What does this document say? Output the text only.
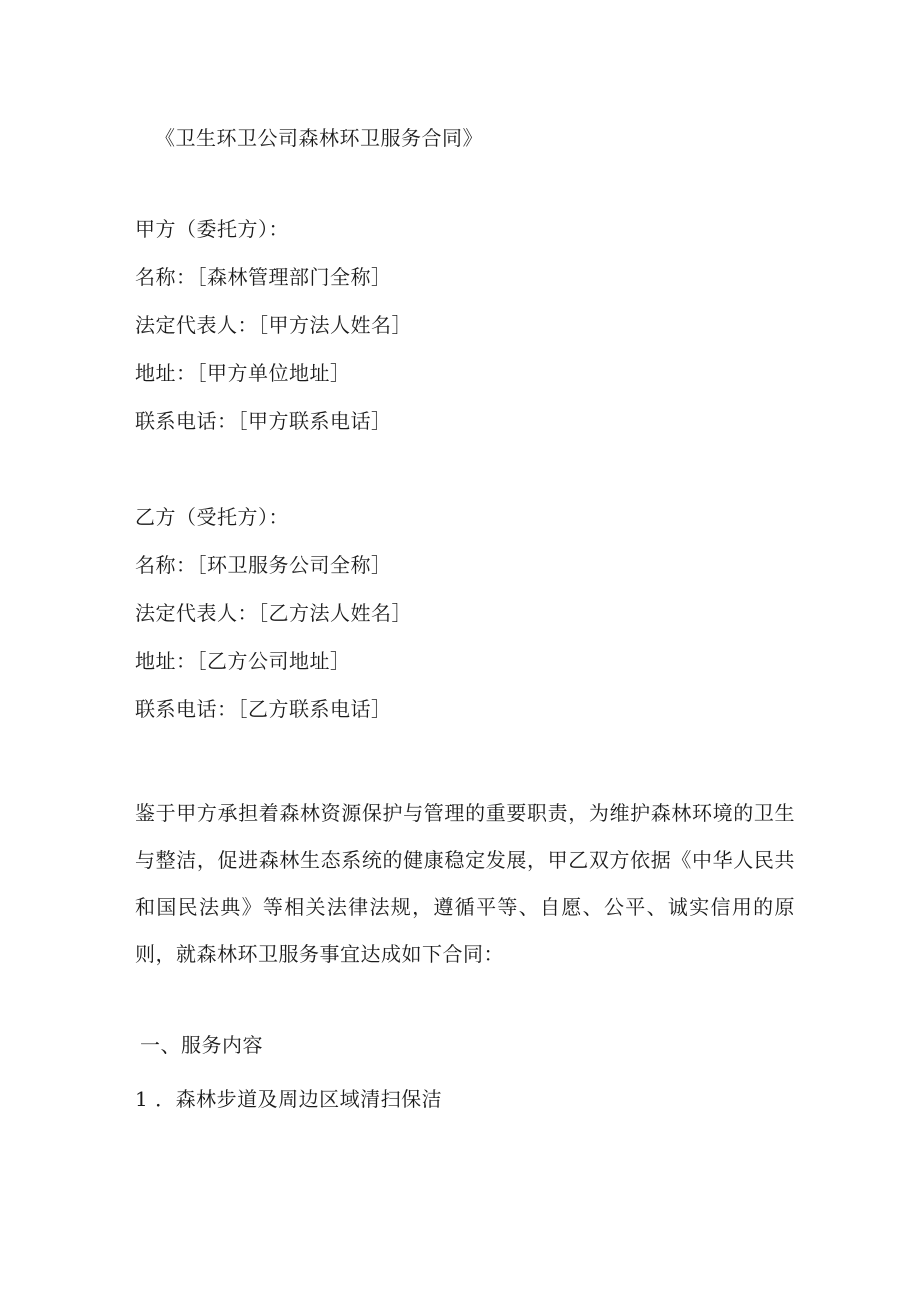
《卫生环卫公司森林环卫服务合同》
甲方（委托方）：
名称：［森林管理部门全称］
法定代表人：［甲方法人姓名］
地址：［甲方单位地址］
联系电话：［甲方联系电话］
乙方（受托方）：
名称：［环卫服务公司全称］
法定代表人：［乙方法人姓名］
地址：［乙方公司地址］
联系电话：［乙方联系电话］
鉴于甲方承担着森林资源保护与管理的重要职责，为维护森林环境的卫生与整洁，促进森林生态系统的健康稳定发展，甲乙双方依据《中华人民共和国民法典》等相关法律法规，遵循平等、自愿、公平、诚实信用的原则，就森林环卫服务事宜达成如下合同：
一、服务内容
1 ．森林步道及周边区域清扫保洁
